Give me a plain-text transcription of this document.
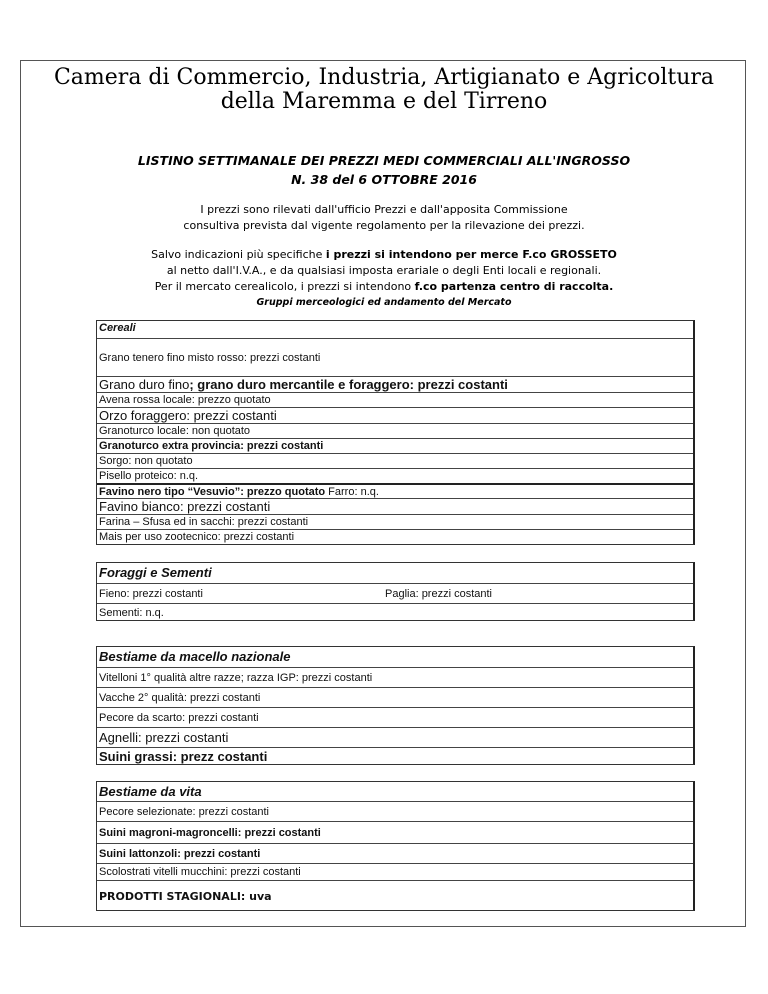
Camera di Commercio, Industria, Artigianato e Agricoltura
della Maremma e del Tirreno
LISTINO SETTIMANALE DEI PREZZI MEDI COMMERCIALI ALL'INGROSSO
N. 38 del 6 OTTOBRE 2016
I prezzi sono rilevati dall'ufficio Prezzi e dall'apposita Commissione
consultiva prevista dal vigente regolamento per la rilevazione dei prezzi.
Salvo indicazioni più specifiche i prezzi si intendono per merce F.co GROSSETO
al netto dall'I.V.A., e da qualsiasi imposta erariale o degli Enti locali e regionali.
Per il mercato cerealicolo, i prezzi si intendono f.co partenza centro di raccolta.
Gruppi merceologici ed andamento del Mercato
Cereali
Grano tenero fino misto rosso: prezzi costanti
Grano duro fino; grano duro mercantile e foraggero: prezzi costanti
Avena rossa locale: prezzo quotato
Orzo foraggero: prezzi costanti
Granoturco locale: non quotato
Granoturco extra provincia: prezzi costanti
Sorgo: non quotato
Pisello proteico: n.q.
Favino nero tipo “Vesuvio”: prezzo quotato Farro: n.q.
Favino bianco: prezzi costanti
Farina – Sfusa ed in sacchi: prezzi costanti
Mais per uso zootecnico: prezzi costanti
Foraggi e Sementi
Fieno: prezzi costanti	Paglia: prezzi costanti
Sementi: n.q.
Bestiame da macello nazionale
Vitelloni 1° qualità altre razze; razza IGP: prezzi costanti
Vacche 2° qualità: prezzi costanti
Pecore da scarto: prezzi costanti
Agnelli: prezzi costanti
Suini grassi: prezz costanti
Bestiame da vita
Pecore selezionate: prezzi costanti
Suini magroni-magroncelli: prezzi costanti
Suini lattonzoli: prezzi costanti
Scolostrati vitelli mucchini: prezzi costanti
PRODOTTI STAGIONALI: uva
